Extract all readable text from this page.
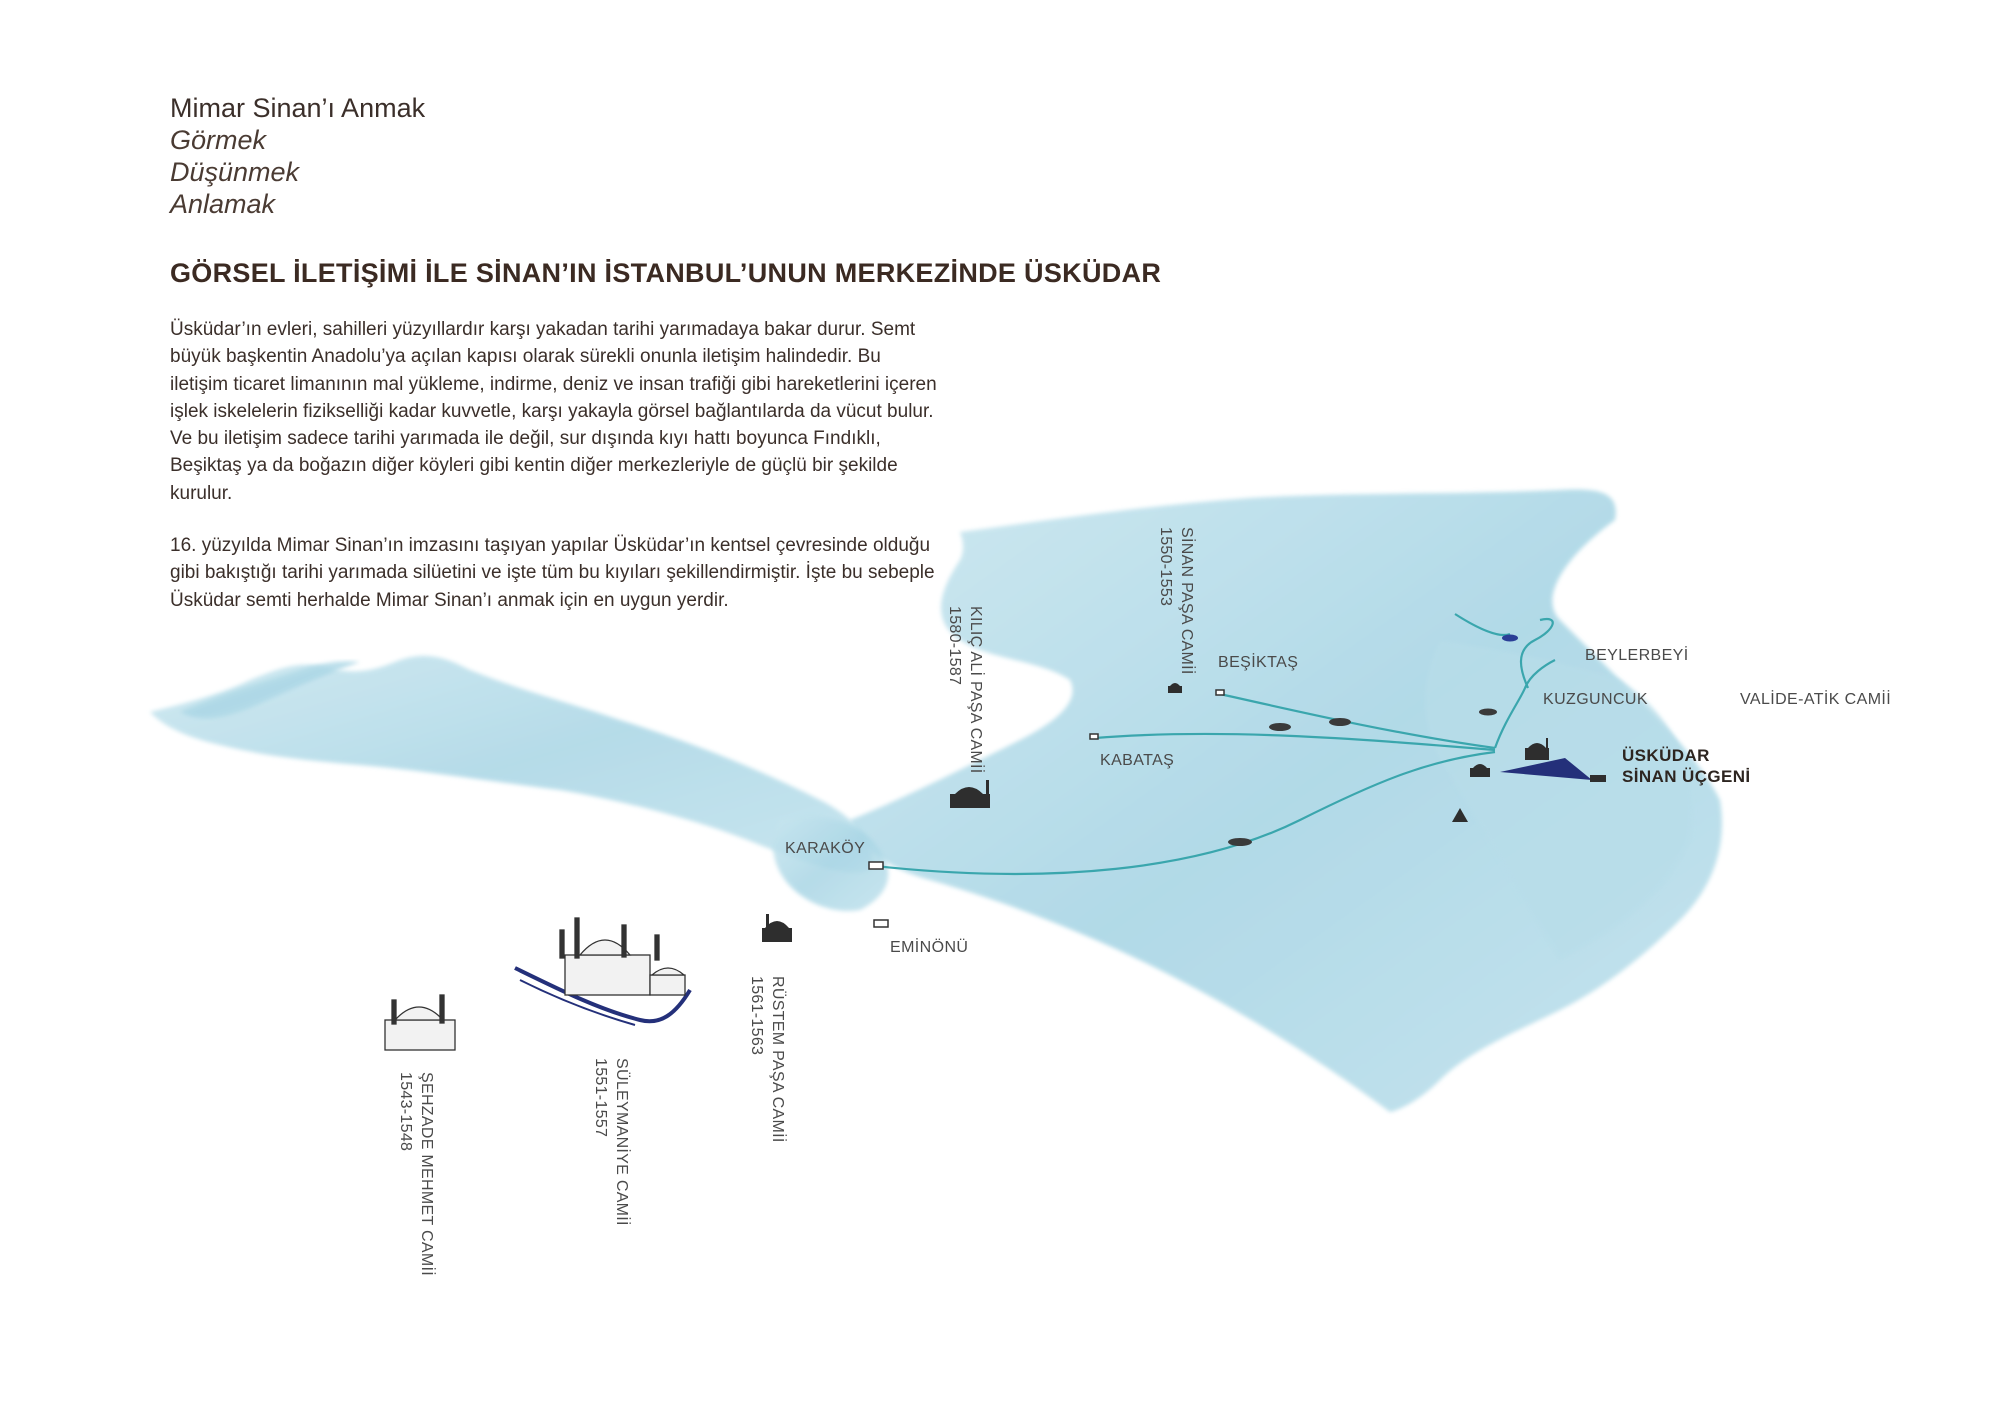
Mimar Sinan’ı Anmak
Görmek
Düşünmek
Anlamak
GÖRSEL İLETİŞİMİ İLE SİNAN’IN İSTANBUL’UNUN MERKEZİNDE ÜSKÜDAR
Üsküdar’ın evleri, sahilleri yüzyıllardır karşı yakadan tarihi yarımadaya bakar durur. Semt büyük başkentin Anadolu’ya açılan kapısı olarak sürekli onunla iletişim halindedir. Bu iletişim ticaret limanının mal yükleme, indirme, deniz ve insan trafiği gibi hareketlerini içeren işlek iskelelerin fizikselliği kadar kuvvetle, karşı yakayla görsel bağlantılarda da vücut bulur. Ve bu iletişim sadece tarihi yarımada ile değil, sur dışında kıyı hattı boyunca Fındıklı, Beşiktaş ya da boğazın diğer köyleri gibi kentin diğer merkezleriyle de güçlü bir şekilde kurulur.
16. yüzyılda Mimar Sinan’ın imzasını taşıyan yapılar Üsküdar’ın kentsel çevresinde olduğu gibi bakıştığı tarihi yarımada silüetini ve işte tüm bu kıyıları şekillendirmiştir. İşte bu sebeple Üsküdar semti herhalde Mimar Sinan’ı anmak için en uygun yerdir.
BEŞİKTAŞ	BEYLERBEYİ
KUZGUNCUK	VALİDE-ATİK CAMİİ
KABATAŞ
KARAKÖY
EMİNÖNÜ
ÜSKÜDAR
SİNAN ÜÇGENİ
SİNAN PAŞA CAMİİ
1550-1553
KILIÇ ALİ PAŞA CAMİİ
1580-1587
RÜSTEM PAŞA CAMİİ
1561-1563
SÜLEYMANİYE CAMİİ
1551-1557
ŞEHZADE MEHMET CAMİİ
1543-1548
